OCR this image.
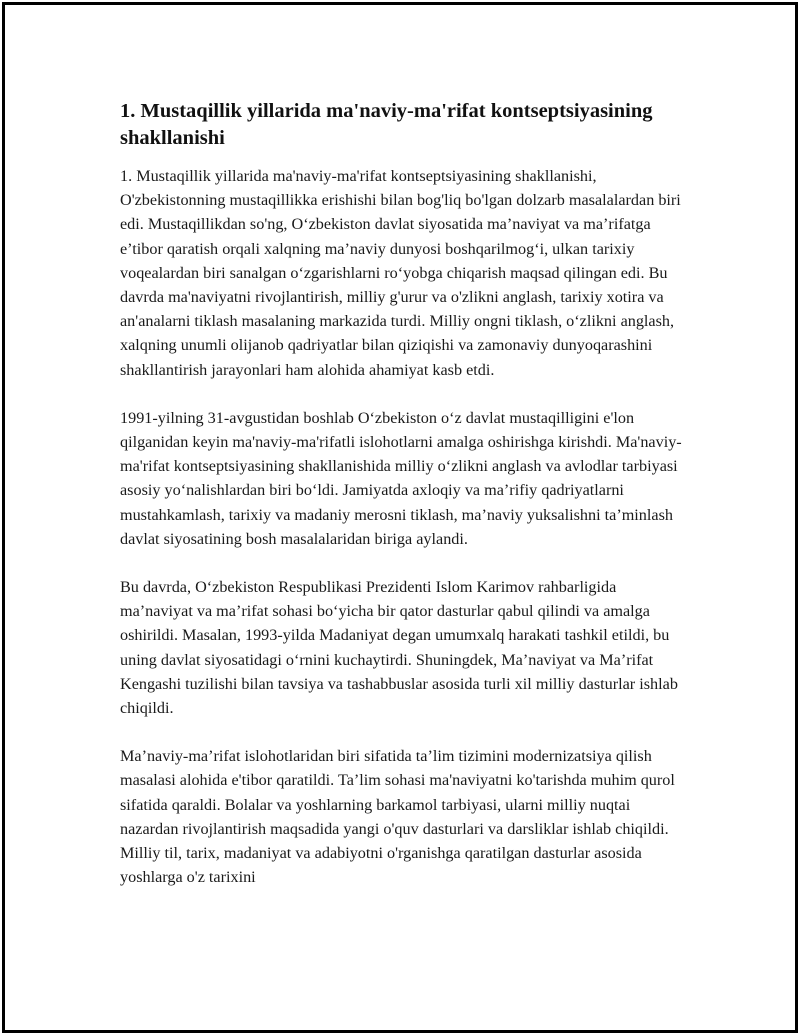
1. Mustaqillik yillarida ma'naviy-ma'rifat kontseptsiyasining shakllanishi

1. Mustaqillik yillarida ma'naviy-ma'rifat kontseptsiyasining shakllanishi, O'zbekistonning mustaqillikka erishishi bilan bog'liq bo'lgan dolzarb masalalardan biri edi. Mustaqillikdan so'ng, O‘zbekiston davlat siyosatida ma’naviyat va ma’rifatga e’tibor qaratish orqali xalqning ma’naviy dunyosi boshqarilmog‘i, ulkan tarixiy voqealardan biri sanalgan o‘zgarishlarni ro‘yobga chiqarish maqsad qilingan edi. Bu davrda ma'naviyatni rivojlantirish, milliy g'urur va o'zlikni anglash, tarixiy xotira va an'analarni tiklash masalaning markazida turdi. Milliy ongni tiklash, o‘zlikni anglash, xalqning unumli olijanob qadriyatlar bilan qiziqishi va zamonaviy dunyoqarashini shakllantirish jarayonlari ham alohida ahamiyat kasb etdi.

1991-yilning 31-avgustidan boshlab O‘zbekiston o‘z davlat mustaqilligini e'lon qilganidan keyin ma'naviy-ma'rifatli islohotlarni amalga oshirishga kirishdi. Ma'naviy-ma'rifat kontseptsiyasining shakllanishida milliy o‘zlikni anglash va avlodlar tarbiyasi asosiy yo‘nalishlardan biri bo‘ldi. Jamiyatda axloqiy va ma’rifiy qadriyatlarni mustahkamlash, tarixiy va madaniy merosni tiklash, ma’naviy yuksalishni ta’minlash davlat siyosatining bosh masalalaridan biriga aylandi.

Bu davrda, O‘zbekiston Respublikasi Prezidenti Islom Karimov rahbarligida ma’naviyat va ma’rifat sohasi bo‘yicha bir qator dasturlar qabul qilindi va amalga oshirildi. Masalan, 1993-yilda Madaniyat degan umumxalq harakati tashkil etildi, bu uning davlat siyosatidagi o‘rnini kuchaytirdi. Shuningdek, Ma’naviyat va Ma’rifat Kengashi tuzilishi bilan tavsiya va tashabbuslar asosida turli xil milliy dasturlar ishlab chiqildi.

Ma’naviy-ma’rifat islohotlaridan biri sifatida ta’lim tizimini modernizatsiya qilish masalasi alohida e'tibor qaratildi. Ta’lim sohasi ma'naviyatni ko'tarishda muhim qurol sifatida qaraldi. Bolalar va yoshlarning barkamol tarbiyasi, ularni milliy nuqtai nazardan rivojlantirish maqsadida yangi o'quv dasturlari va darsliklar ishlab chiqildi. Milliy til, tarix, madaniyat va adabiyotni o'rganishga qaratilgan dasturlar asosida yoshlarga o'z tarixini
